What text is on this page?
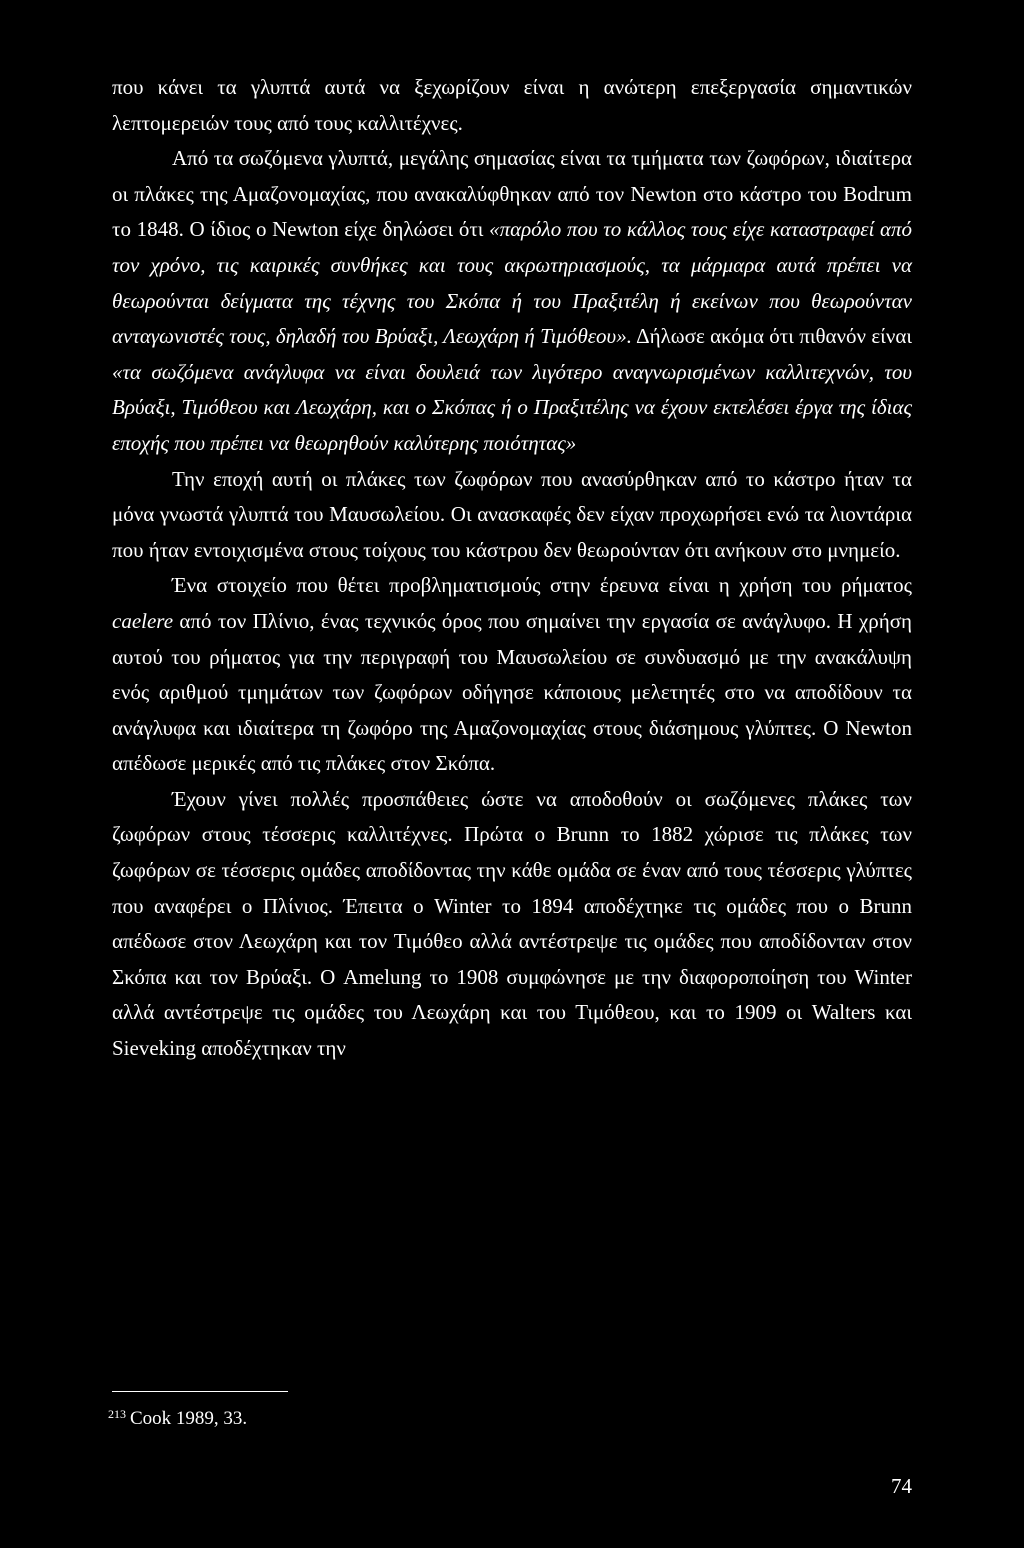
που κάνει τα γλυπτά αυτά να ξεχωρίζουν είναι η ανώτερη επεξεργασία σημαντικών λεπτομερειών τους από τους καλλιτέχνες.

Από τα σωζόμενα γλυπτά, μεγάλης σημασίας είναι τα τμήματα των ζωφόρων, ιδιαίτερα οι πλάκες της Αμαζονομαχίας, που ανακαλύφθηκαν από τον Newton στο κάστρο του Bodrum το 1848. Ο ίδιος ο Newton είχε δηλώσει ότι «παρόλο που το κάλλος τους είχε καταστραφεί από τον χρόνο, τις καιρικές συνθήκες και τους ακρωτηριασμούς, τα μάρμαρα αυτά πρέπει να θεωρούνται δείγματα της τέχνης του Σκόπα ή του Πραξιτέλη ή εκείνων που θεωρούνταν ανταγωνιστές τους, δηλαδή του Βρύαξι, Λεωχάρη ή Τιμόθεου». Δήλωσε ακόμα ότι πιθανόν είναι «τα σωζόμενα ανάγλυφα να είναι δουλειά των λιγότερο αναγνωρισμένων καλλιτεχνών, του Βρύαξι, Τιμόθεου και Λεωχάρη, και ο Σκόπας ή ο Πραξιτέλης να έχουν εκτελέσει έργα της ίδιας εποχής που πρέπει να θεωρηθούν καλύτερης ποιότητας»

Την εποχή αυτή οι πλάκες των ζωφόρων που ανασύρθηκαν από το κάστρο ήταν τα μόνα γνωστά γλυπτά του Μαυσωλείου. Οι ανασκαφές δεν είχαν προχωρήσει ενώ τα λιοντάρια που ήταν εντοιχισμένα στους τοίχους του κάστρου δεν θεωρούνταν ότι ανήκουν στο μνημείο.

Ένα στοιχείο που θέτει προβληματισμούς στην έρευνα είναι η χρήση του ρήματος caelere από τον Πλίνιο, ένας τεχνικός όρος που σημαίνει την εργασία σε ανάγλυφο. Η χρήση αυτού του ρήματος για την περιγραφή του Μαυσωλείου σε συνδυασμό με την ανακάλυψη ενός αριθμού τμημάτων των ζωφόρων οδήγησε κάποιους μελετητές στο να αποδίδουν τα ανάγλυφα και ιδιαίτερα τη ζωφόρο της Αμαζονομαχίας στους διάσημους γλύπτες. Ο Newton απέδωσε μερικές από τις πλάκες στον Σκόπα.

Έχουν γίνει πολλές προσπάθειες ώστε να αποδοθούν οι σωζόμενες πλάκες των ζωφόρων στους τέσσερις καλλιτέχνες. Πρώτα ο Brunn το 1882 χώρισε τις πλάκες των ζωφόρων σε τέσσερις ομάδες αποδίδοντας την κάθε ομάδα σε έναν από τους τέσσερις γλύπτες που αναφέρει ο Πλίνιος. Έπειτα ο Winter το 1894 αποδέχτηκε τις ομάδες που ο Brunn απέδωσε στον Λεωχάρη και τον Τιμόθεο αλλά αντέστρεψε τις ομάδες που αποδίδονταν στον Σκόπα και τον Βρύαξι. Ο Amelung το 1908 συμφώνησε με την διαφοροποίηση του Winter αλλά αντέστρεψε τις ομάδες του Λεωχάρη και του Τιμόθεου, και το 1909 οι Walters και Sieveking αποδέχτηκαν την

$^{213}$ Cook 1989, 33.
74
